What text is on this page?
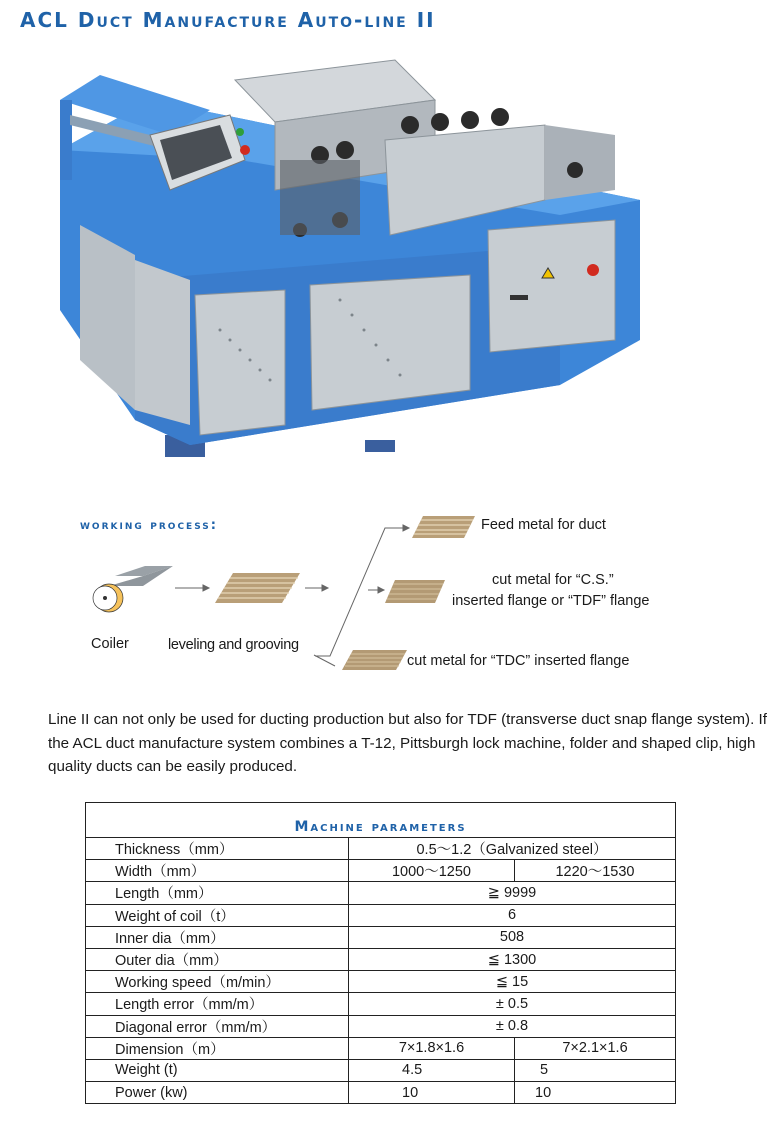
ACL Duct Manufacture Auto-line II
working process:
Coiler	leveling and grooving
Feed metal for duct
cut metal for “C.S.”
inserted flange or “TDF” flange
cut metal for “TDC” inserted flange
Line II can not only be used for ducting production but also for TDF (transverse duct snap flange system). If the ACL duct manufacture system combines a T-12, Pittsburgh lock machine, folder and shaped clip, high quality ducts can be easily produced.
Machine parameters		
Thickness（mm）	0.5～1.2（Galvanized steel）	
Width（mm）	1000～1250	1220～1530
Length（mm）	≧ 9999	
Weight of coil（t）	6	
Inner dia（mm）	508	
Outer dia（mm）	≦ 1300	
Working speed（m/min）	≦ 15	
Length error（mm/m）	± 0.5	
Diagonal error（mm/m）	± 0.8	
Dimension（m）	7×1.8×1.6	7×2.1×1.6
Weight (t)	4.5	5
Power (kw)	10	10
